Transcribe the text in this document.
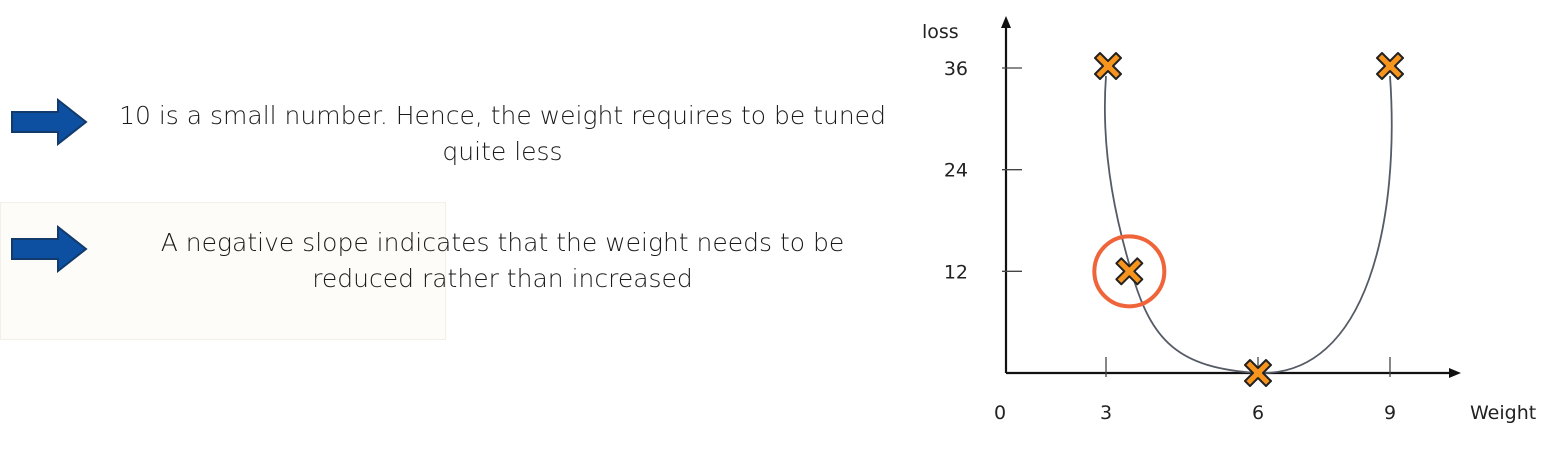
10 is a small number. Hence, the weight requires to be tuned quite less
A negative slope indicates that the weight needs to be reduced rather than increased
loss
Weight
12
24
36
0	3	6	9
